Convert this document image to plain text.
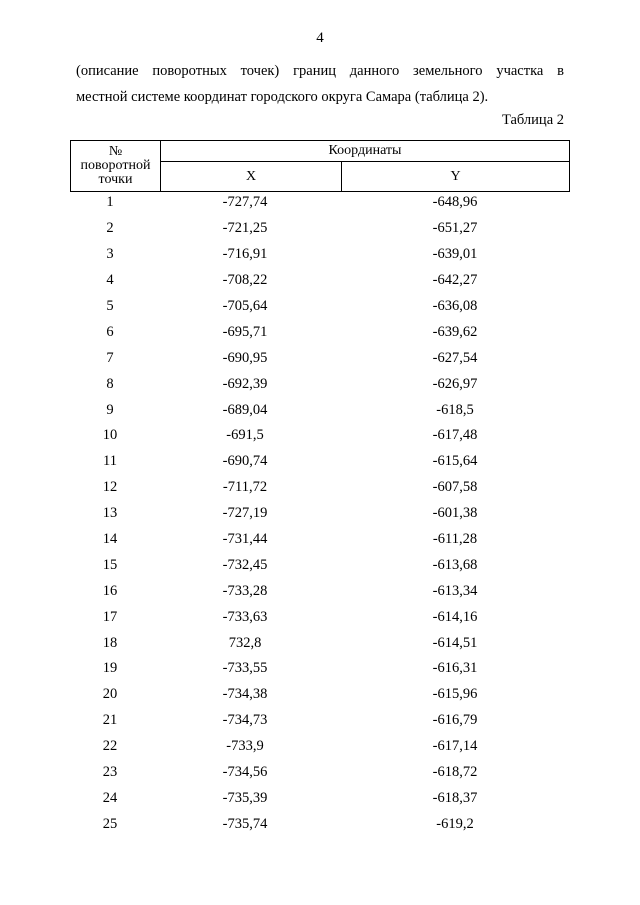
4
(описание поворотных точек) границ данного земельного участка в
местной системе координат городского округа Самара (таблица 2).
Таблица 2
№
поворотной
точки	Координаты	
	X	Y
1	-727,74	-648,96
2	-721,25	-651,27
3	-716,91	-639,01
4	-708,22	-642,27
5	-705,64	-636,08
6	-695,71	-639,62
7	-690,95	-627,54
8	-692,39	-626,97
9	-689,04	-618,5
10	-691,5	-617,48
11	-690,74	-615,64
12	-711,72	-607,58
13	-727,19	-601,38
14	-731,44	-611,28
15	-732,45	-613,68
16	-733,28	-613,34
17	-733,63	-614,16
18	732,8	-614,51
19	-733,55	-616,31
20	-734,38	-615,96
21	-734,73	-616,79
22	-733,9	-617,14
23	-734,56	-618,72
24	-735,39	-618,37
25	-735,74	-619,2
